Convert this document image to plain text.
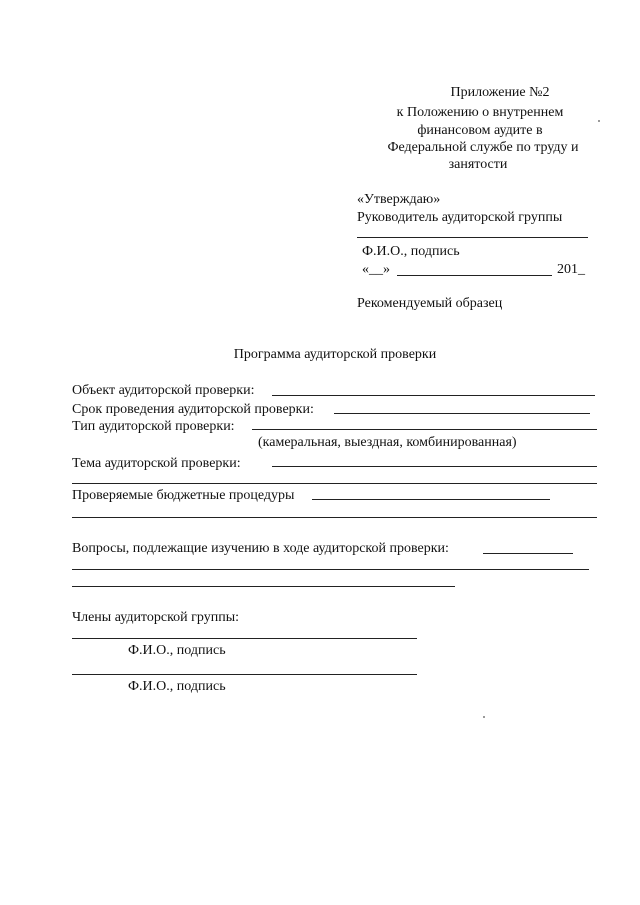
Приложение №2
к Положению о внутреннем
финансовом аудите в
Федеральной службе по труду и
занятости
«Утверждаю»
Руководитель аудиторской группы
Ф.И.О., подпись
«__»	201_
Рекомендуемый образец
Программа аудиторской проверки
Объект аудиторской проверки:
Срок проведения аудиторской проверки:
Тип аудиторской проверки:
(камеральная, выездная, комбинированная)
Тема аудиторской проверки:
Проверяемые бюджетные процедуры
Вопросы, подлежащие изучению в ходе аудиторской проверки:
Члены аудиторской группы:
Ф.И.О., подпись
Ф.И.О., подпись
